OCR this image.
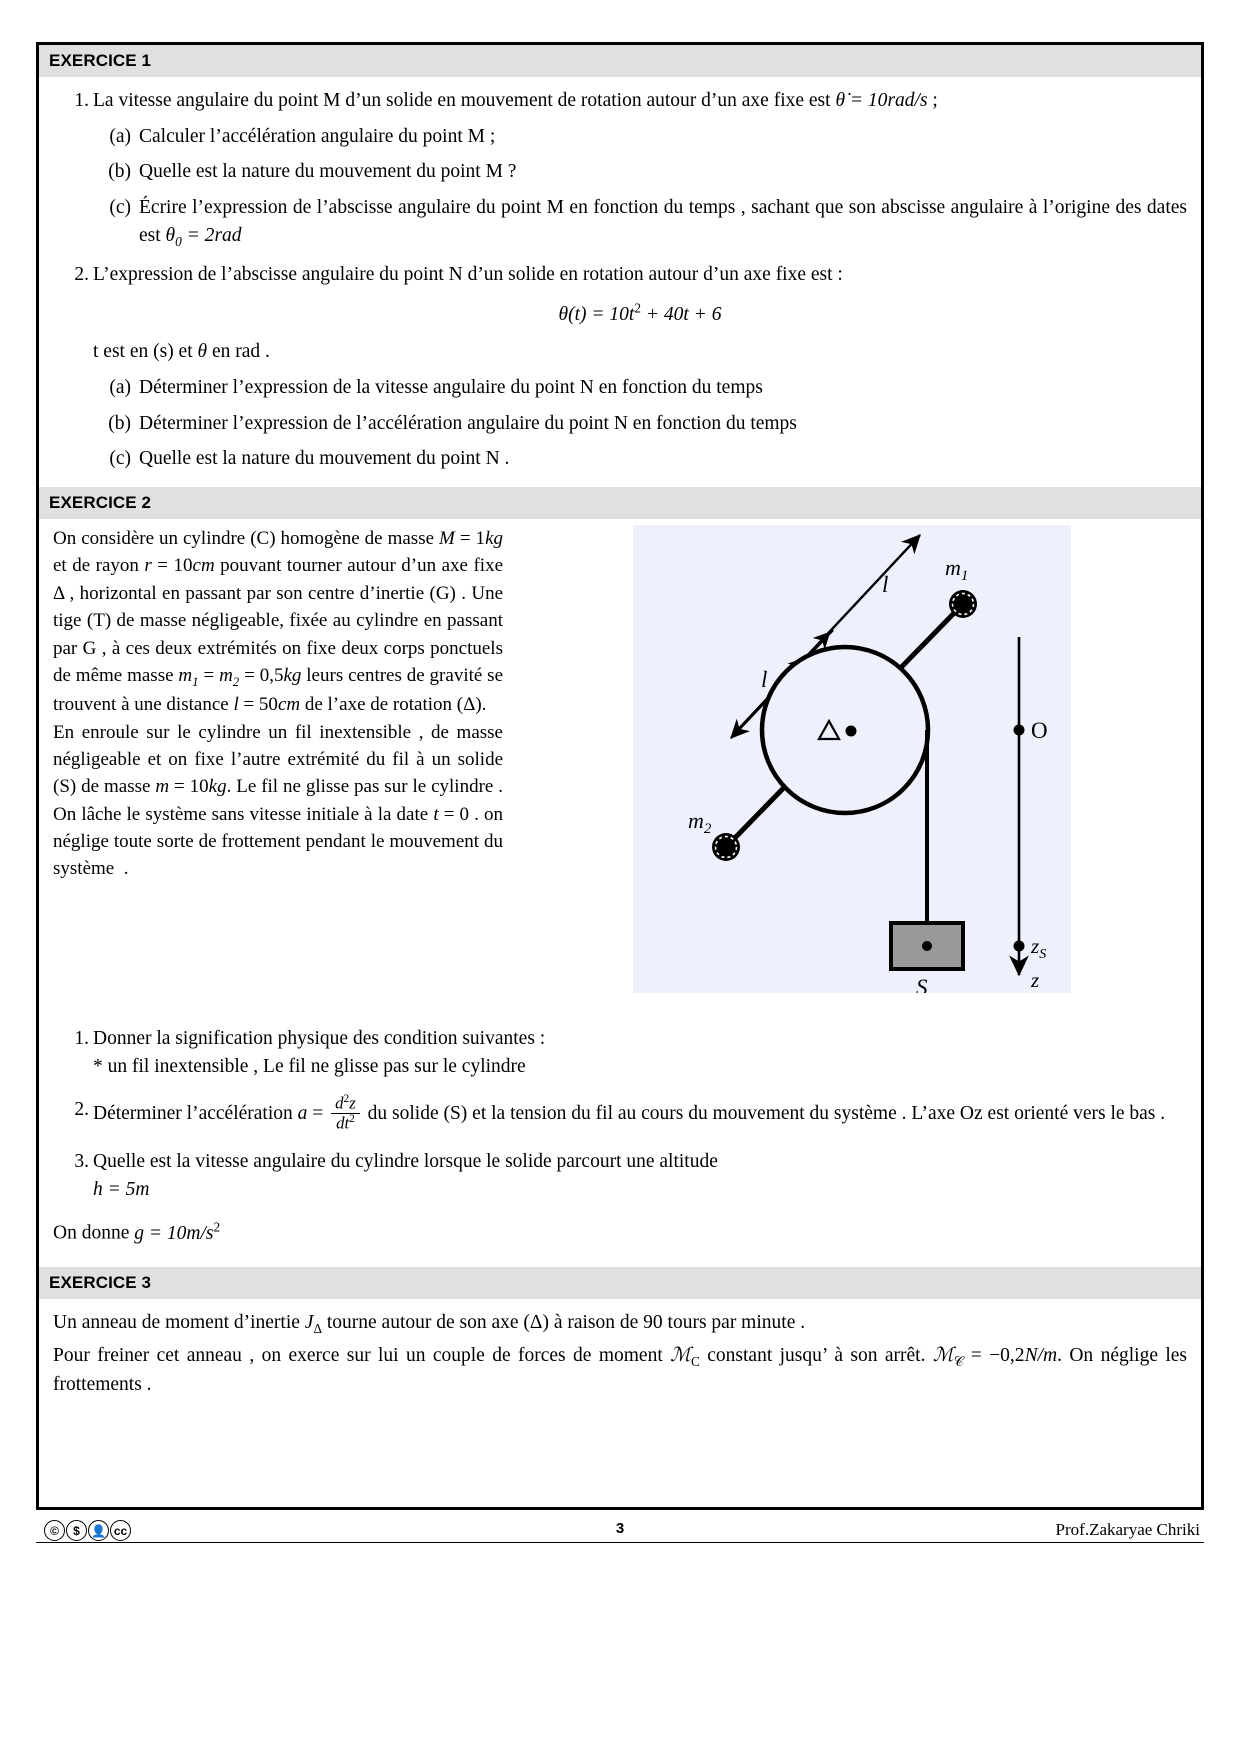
EXERCICE 1
1. La vitesse angulaire du point M d’un solide en mouvement de rotation autour d’un axe fixe est θ̇ = 10rad/s ;
(a) Calculer l’accélération angulaire du point M ;
(b) Quelle est la nature du mouvement du point M ?
(c) Écrire l’expression de l’abscisse angulaire du point M en fonction du temps , sachant que son abscisse angulaire à l’origine des dates est $\theta_0 = 2rad$
2. L’expression de l’abscisse angulaire du point N d’un solide en rotation autour d’un axe fixe est :
$\theta(t) = 10t^2 + 40t + 6$
t est en (s) et θ en rad .
(a) Déterminer l’expression de la vitesse angulaire du point N en fonction du temps
(b) Déterminer l’expression de l’accélération angulaire du point N en fonction du temps
(c) Quelle est la nature du mouvement du point N .
EXERCICE 2

On considère un cylindre (C) homogène de masse M = 1kg et de rayon r = 10cm pouvant tourner autour d’un axe fixe Δ , horizontal en passant par son centre d’inertie (G) . Une tige (T) de masse négligeable, fixée au cylindre en passant par G , à ces deux extrémités on fixe deux corps ponctuels de même masse $m_1 = m_2 = 0,5kg$ leurs centres de gravité se trouvent à une distance l = 50cm de l’axe de rotation (Δ).
En enroule sur le cylindre un fil inextensible , de masse négligeable et on fixe l’autre extrémité du fil à un solide (S) de masse m = 10kg. Le fil ne glisse pas sur le cylindre . On lâche le système sans vitesse initiale à la date t = 0 . on néglige toute sorte de frottement pendant le mouvement du système  .

l
l
$m_1$
$m_2$
O
$z_S$
z
S
1. Donner la signification physique des condition suivantes :
* un fil inextensible , Le fil ne glisse pas sur le cylindre
2. Déterminer l’accélération $a = \frac{d^2z}{dt^2}$ du solide (S) et la tension du fil au cours du mouvement du système . L’axe Oz est orienté vers le bas .
3. Quelle est la vitesse angulaire du cylindre lorsque le solide parcourt une altitude
h = 5m
On donne $g = 10m/s^2$
EXERCICE 3

Un anneau de moment d’inertie $J_\Delta$ tourne autour de son axe (Δ) à raison de 90 tours par minute .

Pour freiner cet anneau , on exerce sur lui un couple de forces de moment ℳ$_C$ constant jusqu’ à son arrêt. ℳ$_𝒞$ = −0,2N/m. On néglige les frottements .

©	$ 👤 cc	3	Prof.Zakaryae Chriki
